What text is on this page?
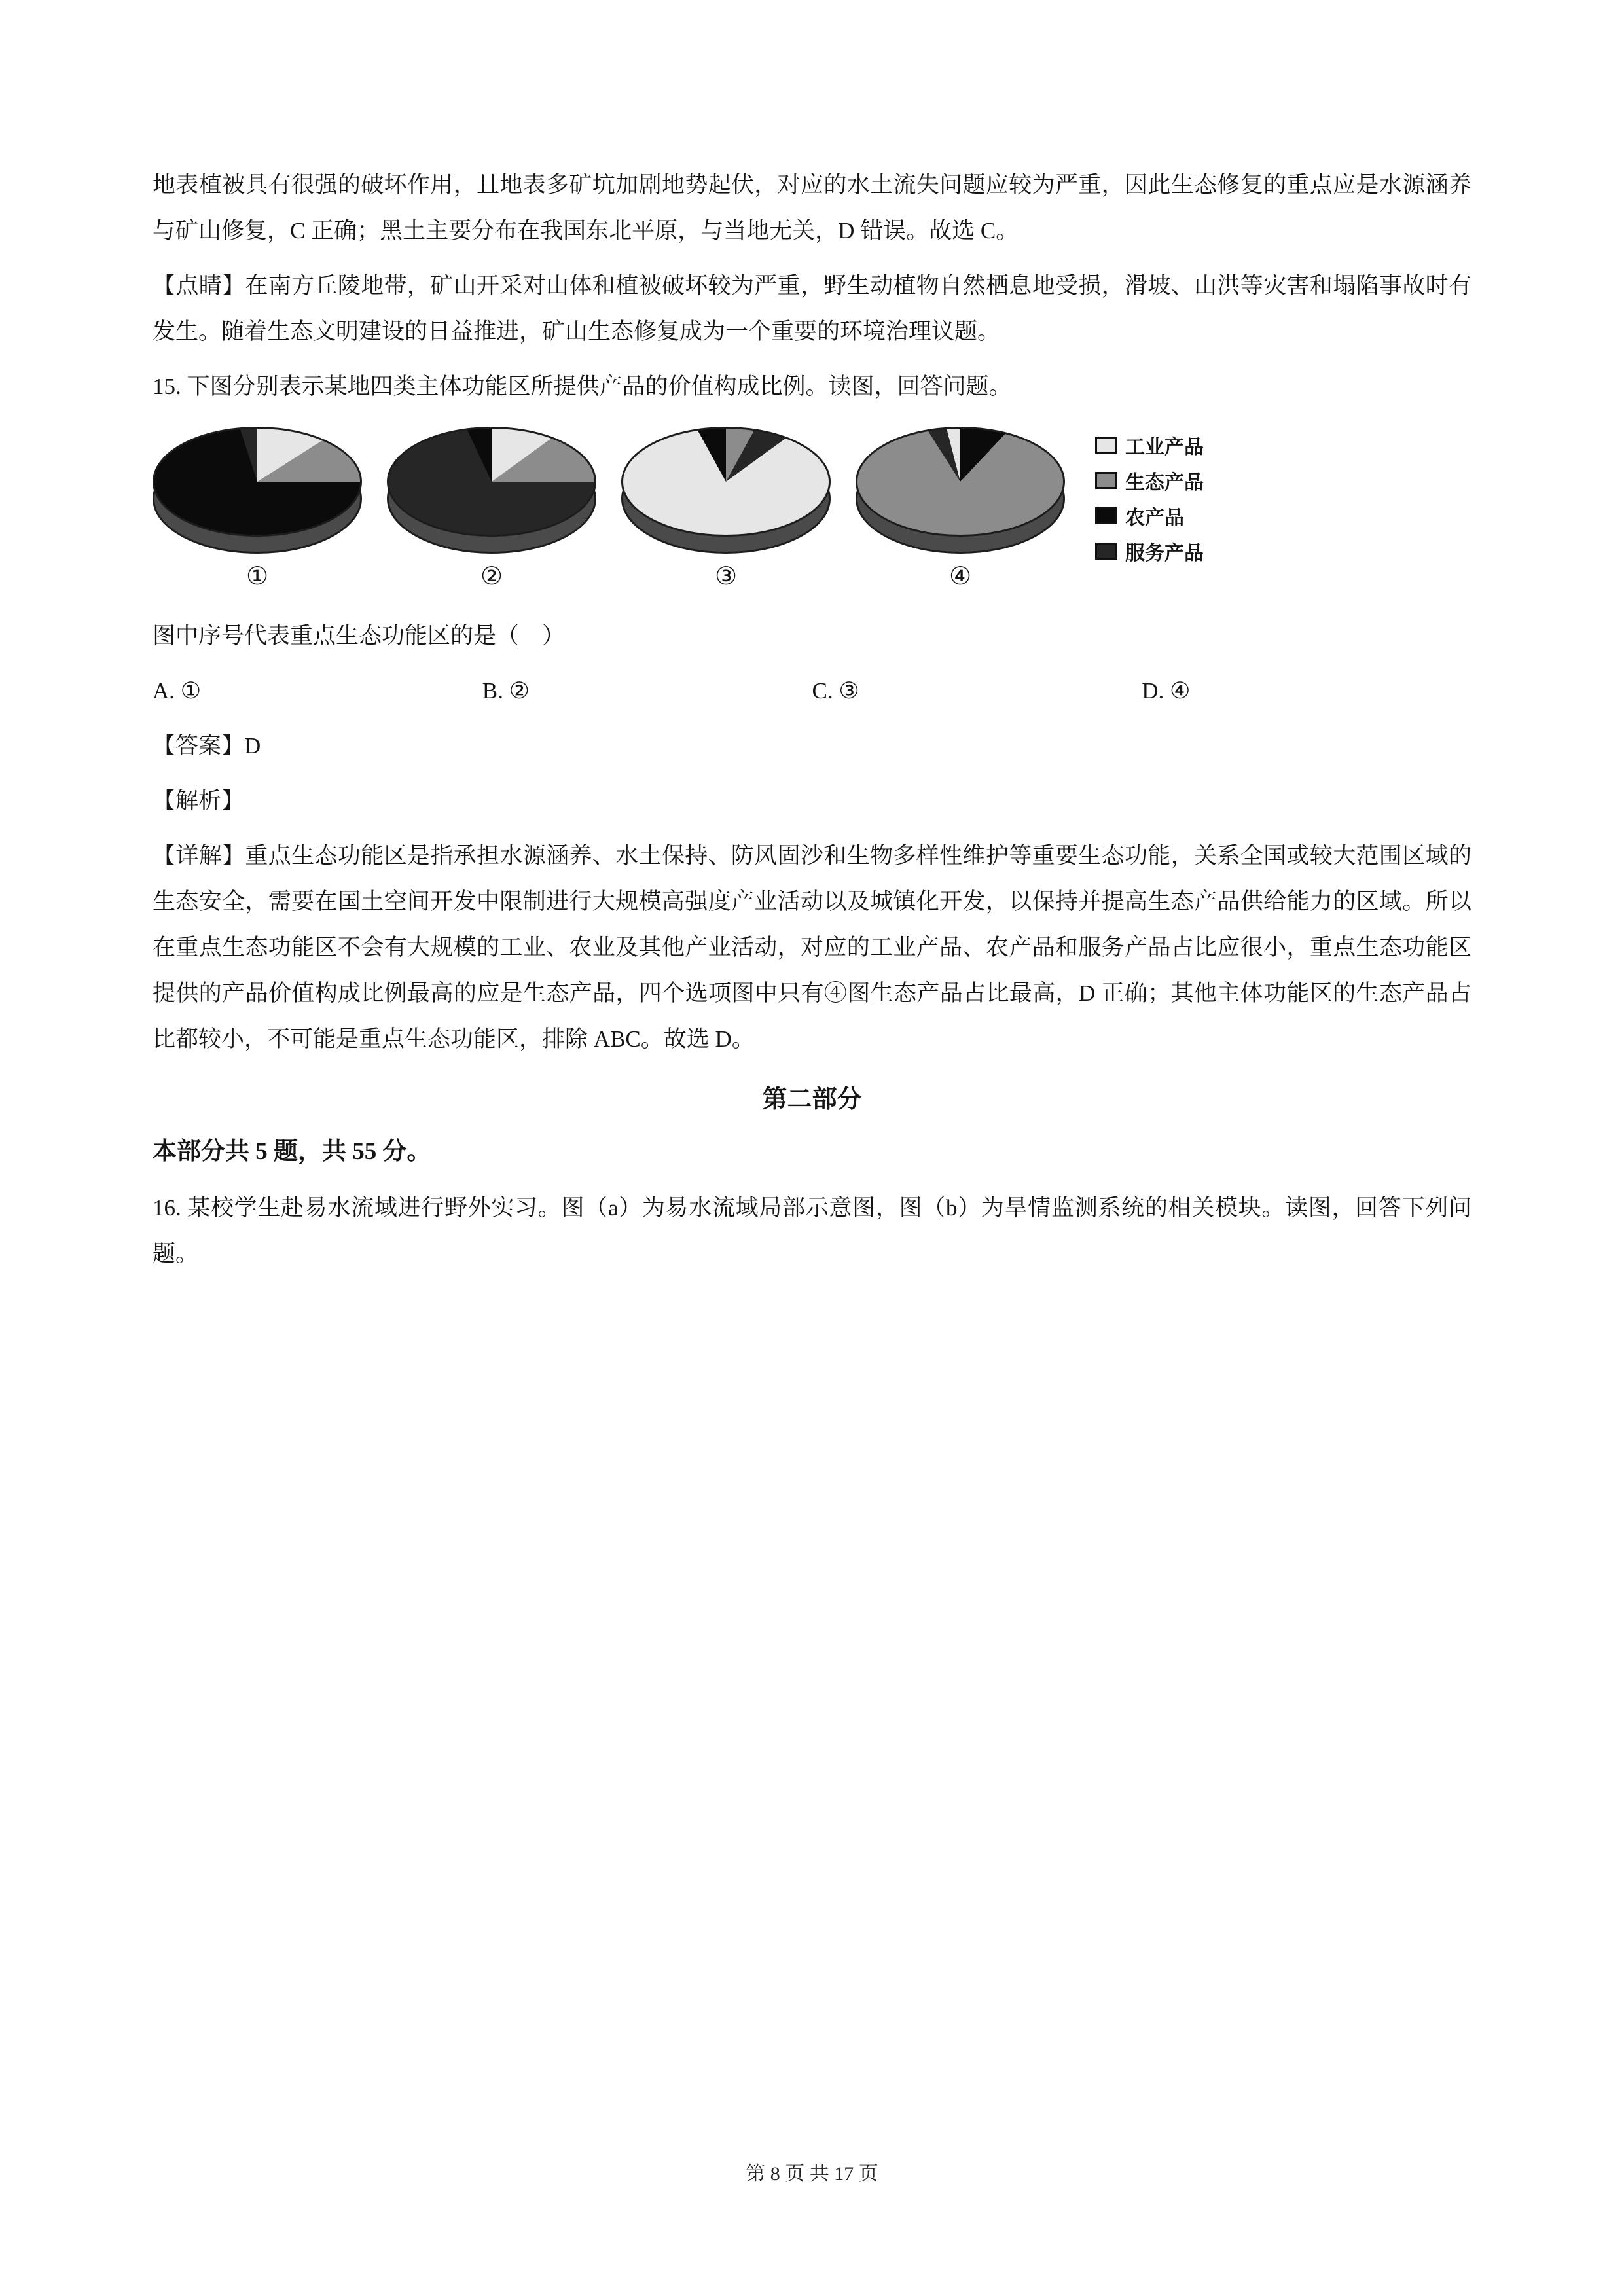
地表植被具有很强的破坏作用，且地表多矿坑加剧地势起伏，对应的水土流失问题应较为严重，因此生态修复的重点应是水源涵养与矿山修复，C 正确；黑土主要分布在我国东北平原，与当地无关，D 错误。故选 C。

【点睛】在南方丘陵地带，矿山开采对山体和植被破坏较为严重，野生动植物自然栖息地受损，滑坡、山洪等灾害和塌陷事故时有发生。随着生态文明建设的日益推进，矿山生态修复成为一个重要的环境治理议题。

15. 下图分别表示某地四类主体功能区所提供产品的价值构成比例。读图，回答问题。

①	②	③	④
工业产品
生态产品
农产品
服务产品

图中序号代表重点生态功能区的是（　）

A. ①	B. ②	C. ③	D. ④

【答案】D

【解析】

【详解】重点生态功能区是指承担水源涵养、水土保持、防风固沙和生物多样性维护等重要生态功能，关系全国或较大范围区域的生态安全，需要在国土空间开发中限制进行大规模高强度产业活动以及城镇化开发，以保持并提高生态产品供给能力的区域。所以在重点生态功能区不会有大规模的工业、农业及其他产业活动，对应的工业产品、农产品和服务产品占比应很小，重点生态功能区提供的产品价值构成比例最高的应是生态产品，四个选项图中只有④图生态产品占比最高，D 正确；其他主体功能区的生态产品占比都较小，不可能是重点生态功能区，排除 ABC。故选 D。

第二部分

本部分共 5 题，共 55 分。

16. 某校学生赴易水流域进行野外实习。图（a）为易水流域局部示意图，图（b）为旱情监测系统的相关模块。读图，回答下列问题。

第 8 页 共 17 页
